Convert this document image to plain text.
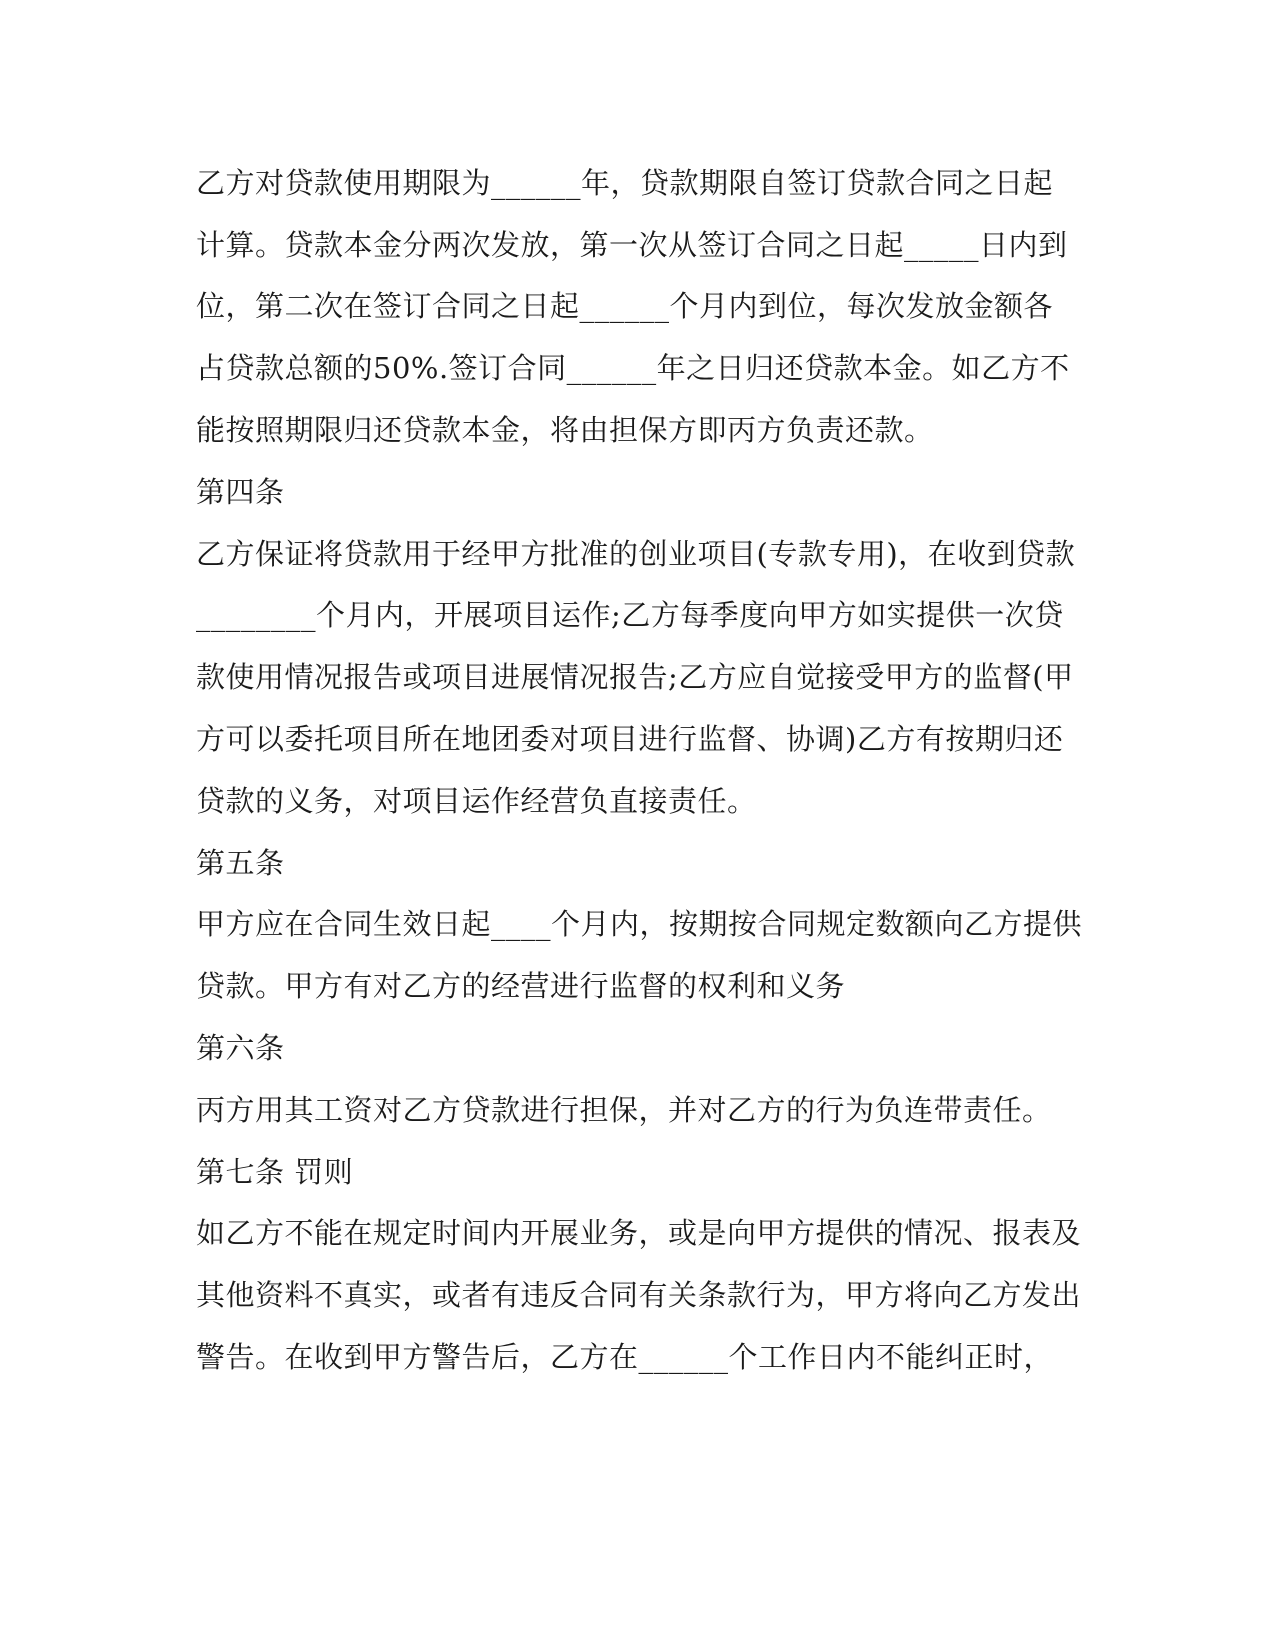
乙方对贷款使用期限为______年，贷款期限自签订贷款合同之日起
计算。贷款本金分两次发放，第一次从签订合同之日起_____日内到
位，第二次在签订合同之日起______个月内到位，每次发放金额各
占贷款总额的50%.签订合同______年之日归还贷款本金。如乙方不
能按照期限归还贷款本金，将由担保方即丙方负责还款。
第四条
乙方保证将贷款用于经甲方批准的创业项目(专款专用)，在收到贷款
________个月内，开展项目运作;乙方每季度向甲方如实提供一次贷
款使用情况报告或项目进展情况报告;乙方应自觉接受甲方的监督(甲
方可以委托项目所在地团委对项目进行监督、协调)乙方有按期归还
贷款的义务，对项目运作经营负直接责任。
第五条
甲方应在合同生效日起____个月内，按期按合同规定数额向乙方提供
贷款。甲方有对乙方的经营进行监督的权利和义务
第六条
丙方用其工资对乙方贷款进行担保，并对乙方的行为负连带责任。
第七条 罚则
如乙方不能在规定时间内开展业务，或是向甲方提供的情况、报表及
其他资料不真实，或者有违反合同有关条款行为，甲方将向乙方发出
警告。在收到甲方警告后，乙方在______个工作日内不能纠正时，
